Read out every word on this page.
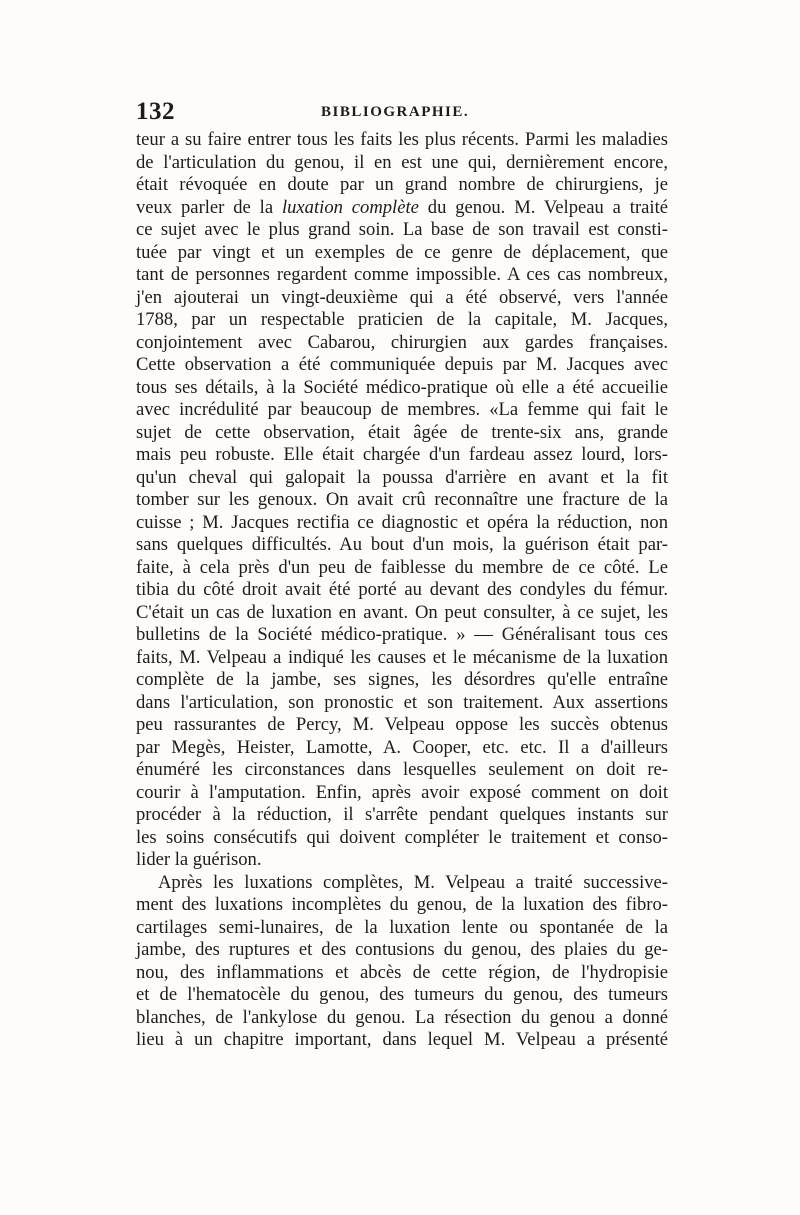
132	BIBLIOGRAPHIE.
teur a su faire entrer tous les faits les plus récents. Parmi les maladies
de l'articulation du genou, il en est une qui, dernièrement encore,
était révoquée en doute par un grand nombre de chirurgiens, je
veux parler de la luxation complète du genou. M. Velpeau a traité
ce sujet avec le plus grand soin. La base de son travail est consti-
tuée par vingt et un exemples de ce genre de déplacement, que
tant de personnes regardent comme impossible. A ces cas nombreux,
j'en ajouterai un vingt-deuxième qui a été observé, vers l'année
1788, par un respectable praticien de la capitale, M. Jacques,
conjointement avec Cabarou, chirurgien aux gardes françaises.
Cette observation a été communiquée depuis par M. Jacques avec
tous ses détails, à la Société médico-pratique où elle a été accueilie
avec incrédulité par beaucoup de membres. «La femme qui fait le
sujet de cette observation, était âgée de trente-six ans, grande
mais peu robuste. Elle était chargée d'un fardeau assez lourd, lors-
qu'un cheval qui galopait la poussa d'arrière en avant et la fit
tomber sur les genoux. On avait crû reconnaître une fracture de la
cuisse ; M. Jacques rectifia ce diagnostic et opéra la réduction, non
sans quelques difficultés. Au bout d'un mois, la guérison était par-
faite, à cela près d'un peu de faiblesse du membre de ce côté. Le
tibia du côté droit avait été porté au devant des condyles du fémur.
C'était un cas de luxation en avant. On peut consulter, à ce sujet, les
bulletins de la Société médico-pratique. » — Généralisant tous ces
faits, M. Velpeau a indiqué les causes et le mécanisme de la luxation
complète de la jambe, ses signes, les désordres qu'elle entraîne
dans l'articulation, son pronostic et son traitement. Aux assertions
peu rassurantes de Percy, M. Velpeau oppose les succès obtenus
par Megès, Heister, Lamotte, A. Cooper, etc. etc. Il a d'ailleurs
énuméré les circonstances dans lesquelles seulement on doit re-
courir à l'amputation. Enfin, après avoir exposé comment on doit
procéder à la réduction, il s'arrête pendant quelques instants sur
les soins consécutifs qui doivent compléter le traitement et conso-
lider la guérison.
Après les luxations complètes, M. Velpeau a traité successive-
ment des luxations incomplètes du genou, de la luxation des fibro-
cartilages semi-lunaires, de la luxation lente ou spontanée de la
jambe, des ruptures et des contusions du genou, des plaies du ge-
nou, des inflammations et abcès de cette région, de l'hydropisie
et de l'hematocèle du genou, des tumeurs du genou, des tumeurs
blanches, de l'ankylose du genou. La résection du genou a donné
lieu à un chapitre important, dans lequel M. Velpeau a présenté
